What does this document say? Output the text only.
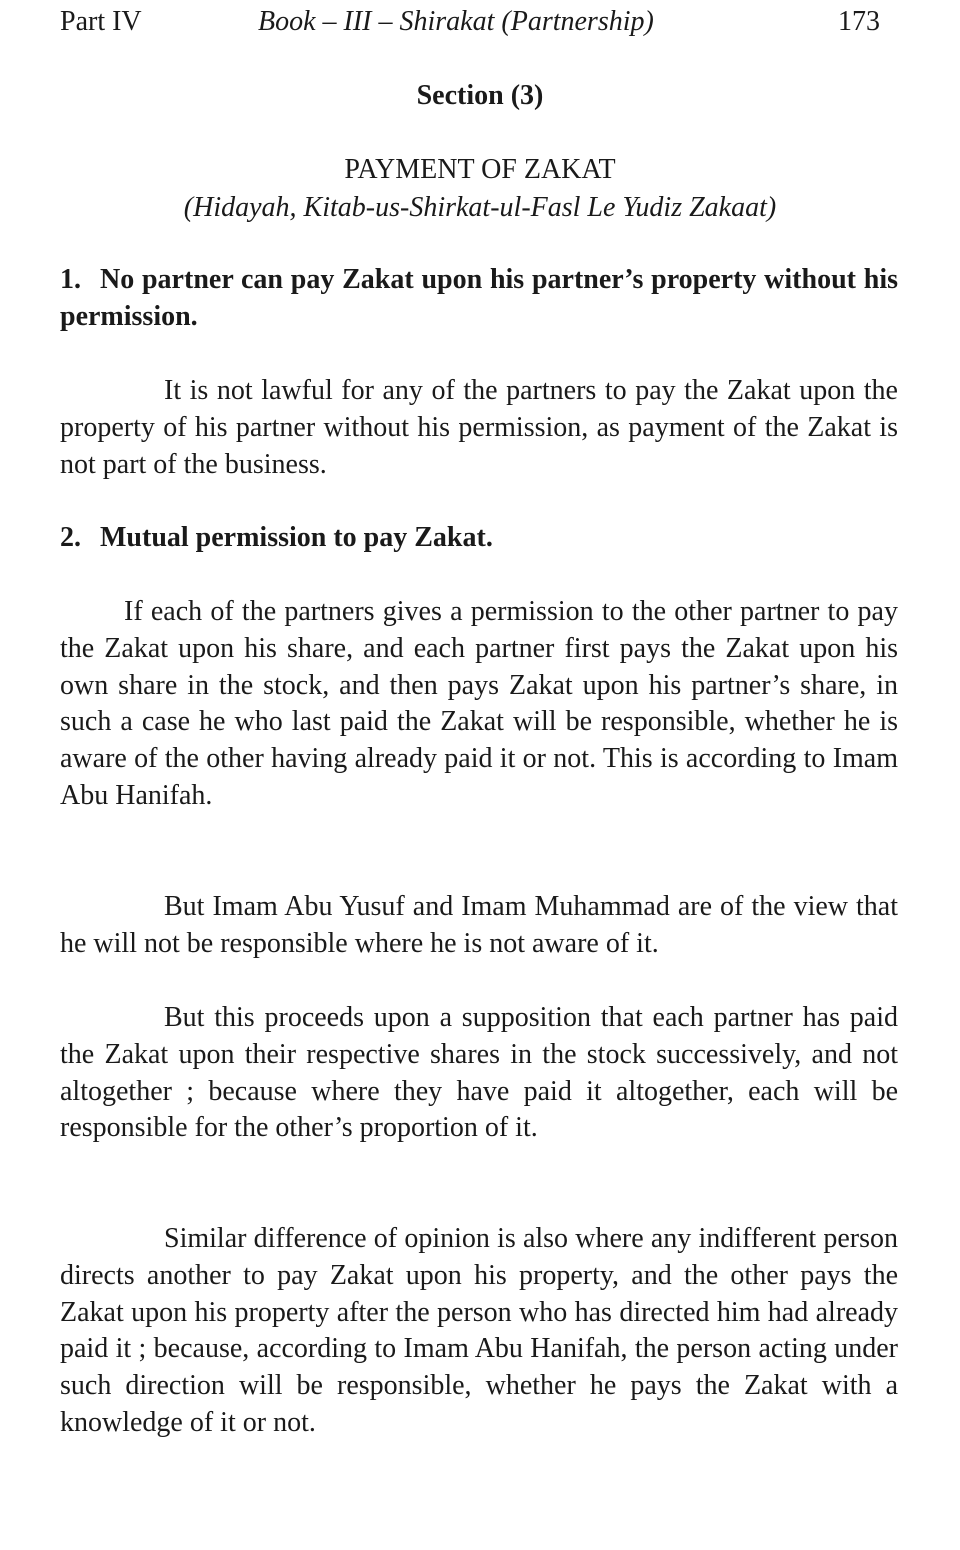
Part IV	Book – III – Shirakat (Partnership)	173
Section (3)
PAYMENT OF ZAKAT
(Hidayah, Kitab-us-Shirkat-ul-Fasl Le Yudiz Zakaat)
1. No partner can pay Zakat upon his partner’s property without his permission.

It is not lawful for any of the partners to pay the Zakat upon the property of his partner without his permission, as payment of the Zakat is not part of the business.

2. Mutual permission to pay Zakat.

If each of the partners gives a permission to the other partner to pay the Zakat upon his share, and each partner first pays the Zakat upon his own share in the stock, and then pays Zakat upon his partner’s share, in such a case he who last paid the Zakat will be responsible, whether he is aware of the other having already paid it or not. This is according to Imam Abu Hanifah.

But Imam Abu Yusuf and Imam Muhammad are of the view that he will not be responsible where he is not aware of it.

But this proceeds upon a supposition that each partner has paid the Zakat upon their respective shares in the stock successively, and not altogether ; because where they have paid it altogether, each will be responsible for the other’s proportion of it.

Similar difference of opinion is also where any indifferent person directs another to pay Zakat upon his property, and the other pays the Zakat upon his property after the person who has directed him had already paid it ; because, according to Imam Abu Hanifah, the person acting under such direction will be responsible, whether he pays the Zakat with a knowledge of it or not.
